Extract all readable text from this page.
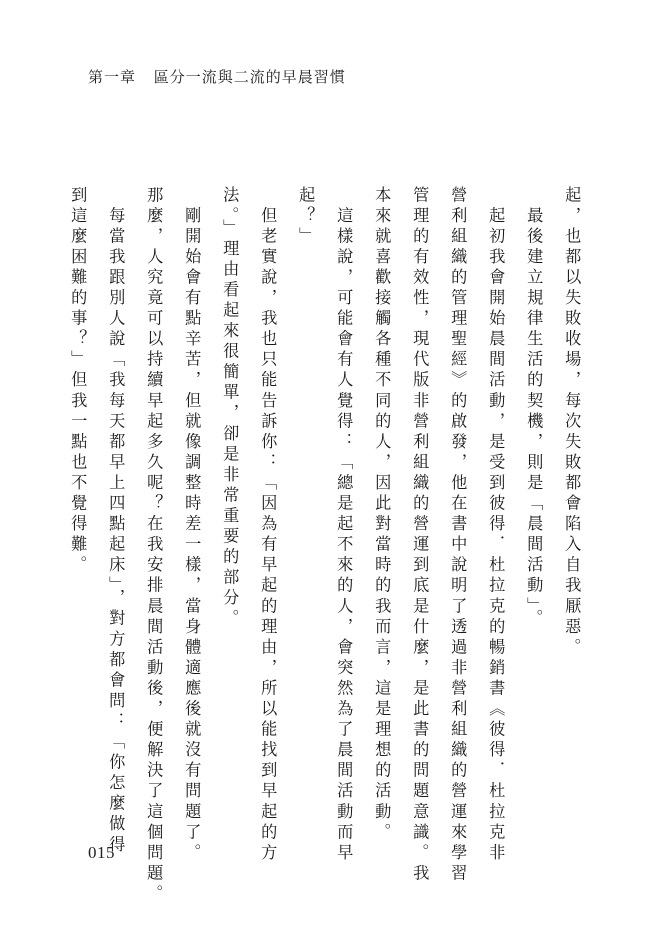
第一章 區分一流與二流的早晨習慣
起，也都以失敗收場，每次失敗都會陷入自我厭惡。
　最後建立規律生活的契機，則是「晨間活動」。
　起初我會開始晨間活動，是受到彼得．杜拉克的暢銷書《彼得．杜拉克非
營利組織的管理聖經》的啟發，他在書中說明了透過非營利組織的營運來學習
管理的有效性，現代版非營利組織的營運到底是什麼，是此書的問題意識。我
本來就喜歡接觸各種不同的人，因此對當時的我而言，這是理想的活動。
　這樣說，可能會有人覺得：「總是起不來的人，會突然為了晨間活動而早
起？」
　但老實說，我也只能告訴你：「因為有早起的理由，所以能找到早起的方
法。」理由看起來很簡單，卻是非常重要的部分。
　剛開始會有點辛苦，但就像調整時差一樣，當身體適應後就沒有問題了。
那麼，人究竟可以持續早起多久呢？在我安排晨間活動後，便解決了這個問題。
　每當我跟別人說「我每天都早上四點起床」，對方都會問：「你怎麼做得
到這麼困難的事？」但我一點也不覺得難。
015
